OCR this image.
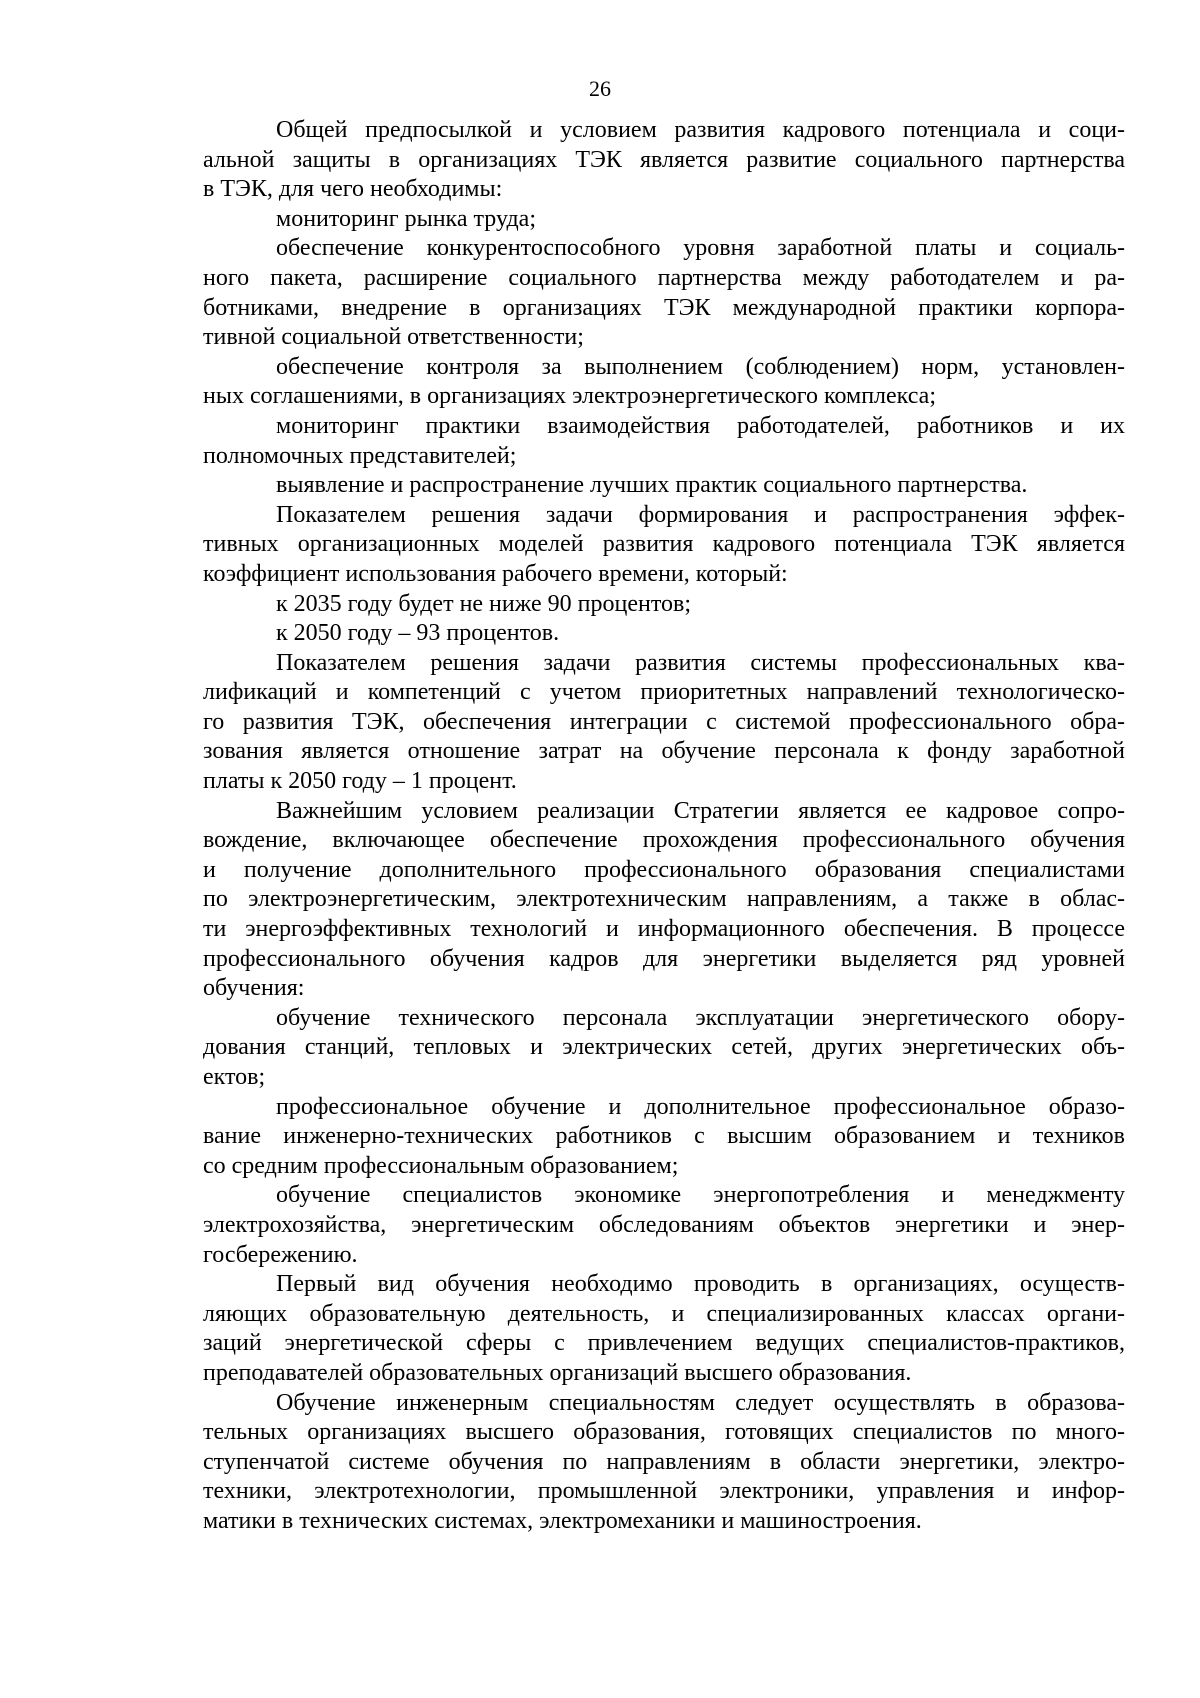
26
Общей предпосылкой и условием развития кадрового потенциала и соци-
альной защиты в организациях ТЭК является развитие социального партнерства
в ТЭК, для чего необходимы:
мониторинг рынка труда;
обеспечение конкурентоспособного уровня заработной платы и социаль-
ного пакета, расширение социального партнерства между работодателем и ра-
ботниками, внедрение в организациях ТЭК международной практики корпора-
тивной социальной ответственности;
обеспечение контроля за выполнением (соблюдением) норм, установлен-
ных соглашениями, в организациях электроэнергетического комплекса;
мониторинг практики взаимодействия работодателей, работников и их
полномочных представителей;
выявление и распространение лучших практик социального партнерства.
Показателем решения задачи формирования и распространения эффек-
тивных организационных моделей развития кадрового потенциала ТЭК является
коэффициент использования рабочего времени, который:
к 2035 году будет не ниже 90 процентов;
к 2050 году – 93 процентов.
Показателем решения задачи развития системы профессиональных ква-
лификаций и компетенций с учетом приоритетных направлений технологическо-
го развития ТЭК, обеспечения интеграции с системой профессионального обра-
зования является отношение затрат на обучение персонала к фонду заработной
платы к 2050 году – 1 процент.
Важнейшим условием реализации Стратегии является ее кадровое сопро-
вождение, включающее обеспечение прохождения профессионального обучения
и получение дополнительного профессионального образования специалистами
по электроэнергетическим, электротехническим направлениям, а также в облас-
ти энергоэффективных технологий и информационного обеспечения. В процессе
профессионального обучения кадров для энергетики выделяется ряд уровней
обучения:
обучение технического персонала эксплуатации энергетического обору-
дования станций, тепловых и электрических сетей, других энергетических объ-
ектов;
профессиональное обучение и дополнительное профессиональное образо-
вание инженерно-технических работников с высшим образованием и техников
со средним профессиональным образованием;
обучение специалистов экономике энергопотребления и менеджменту
электрохозяйства, энергетическим обследованиям объектов энергетики и энер-
госбережению.
Первый вид обучения необходимо проводить в организациях, осуществ-
ляющих образовательную деятельность, и специализированных классах органи-
заций энергетической сферы с привлечением ведущих специалистов-практиков,
преподавателей образовательных организаций высшего образования.
Обучение инженерным специальностям следует осуществлять в образова-
тельных организациях высшего образования, готовящих специалистов по много-
ступенчатой системе обучения по направлениям в области энергетики, электро-
техники, электротехнологии, промышленной электроники, управления и инфор-
матики в технических системах, электромеханики и машиностроения.
